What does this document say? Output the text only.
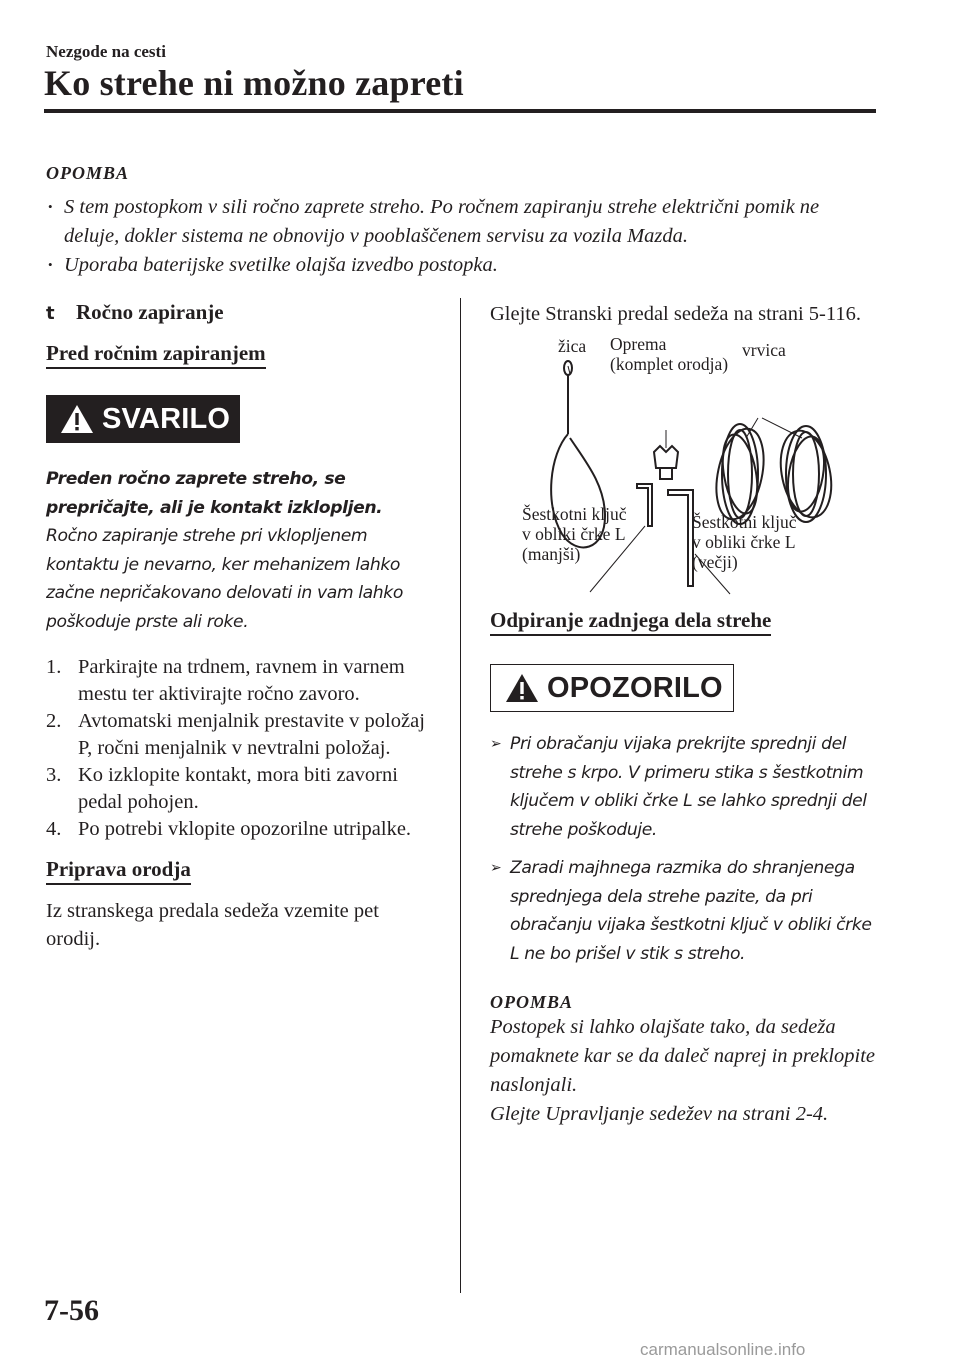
Nezgode na cesti
Ko strehe ni možno zapreti
OPOMBA
• S tem postopkom v sili ročno zaprete streho. Po ročnem zapiranju strehe električni pomik ne deluje, dokler sistema ne obnovijo v pooblaščenem servisu za vozila Mazda.
• Uporaba baterijske svetilke olajša izvedbo postopka.
t	Ročno zapiranje
Pred ročnim zapiranjem
SVARILO
Preden ročno zaprete streho, se prepričajte, ali je kontakt izklopljen.
Ročno zapiranje strehe pri vklopljenem kontaktu je nevarno, ker mehanizem lahko začne nepričakovano delovati in vam lahko poškoduje prste ali roke.
1. Parkirajte na trdnem, ravnem in varnem mestu ter aktivirajte ročno zavoro.
2. Avtomatski menjalnik prestavite v položaj P, ročni menjalnik v nevtralni položaj.
3. Ko izklopite kontakt, mora biti zavorni pedal pohojen.
4. Po potrebi vklopite opozorilne utripalke.
Priprava orodja
Iz stranskega predala sedeža vzemite pet orodij.
Glejte Stranski predal sedeža na strani 5-116.
žica Oprema
(komplet orodja)
vrvica
Šestkotni ključ
v obliki črke L
(manjši)
Šestkotni ključ
v obliki črke L
(večji)
Odpiranje zadnjega dela strehe
OPOZORILO
➢ Pri obračanju vijaka prekrijte sprednji del strehe s krpo. V primeru stika s šestkotnim ključem v obliki črke L se lahko sprednji del strehe poškoduje.
➢ Zaradi majhnega razmika do shranjenega sprednjega dela strehe pazite, da pri obračanju vijaka šestkotni ključ v obliki črke L ne bo prišel v stik s streho.
OPOMBA
Postopek si lahko olajšate tako, da sedeža pomaknete kar se da daleč naprej in preklopite naslonjali.
Glejte Upravljanje sedežev na strani 2-4.
7-56
carmanualsonline.info
